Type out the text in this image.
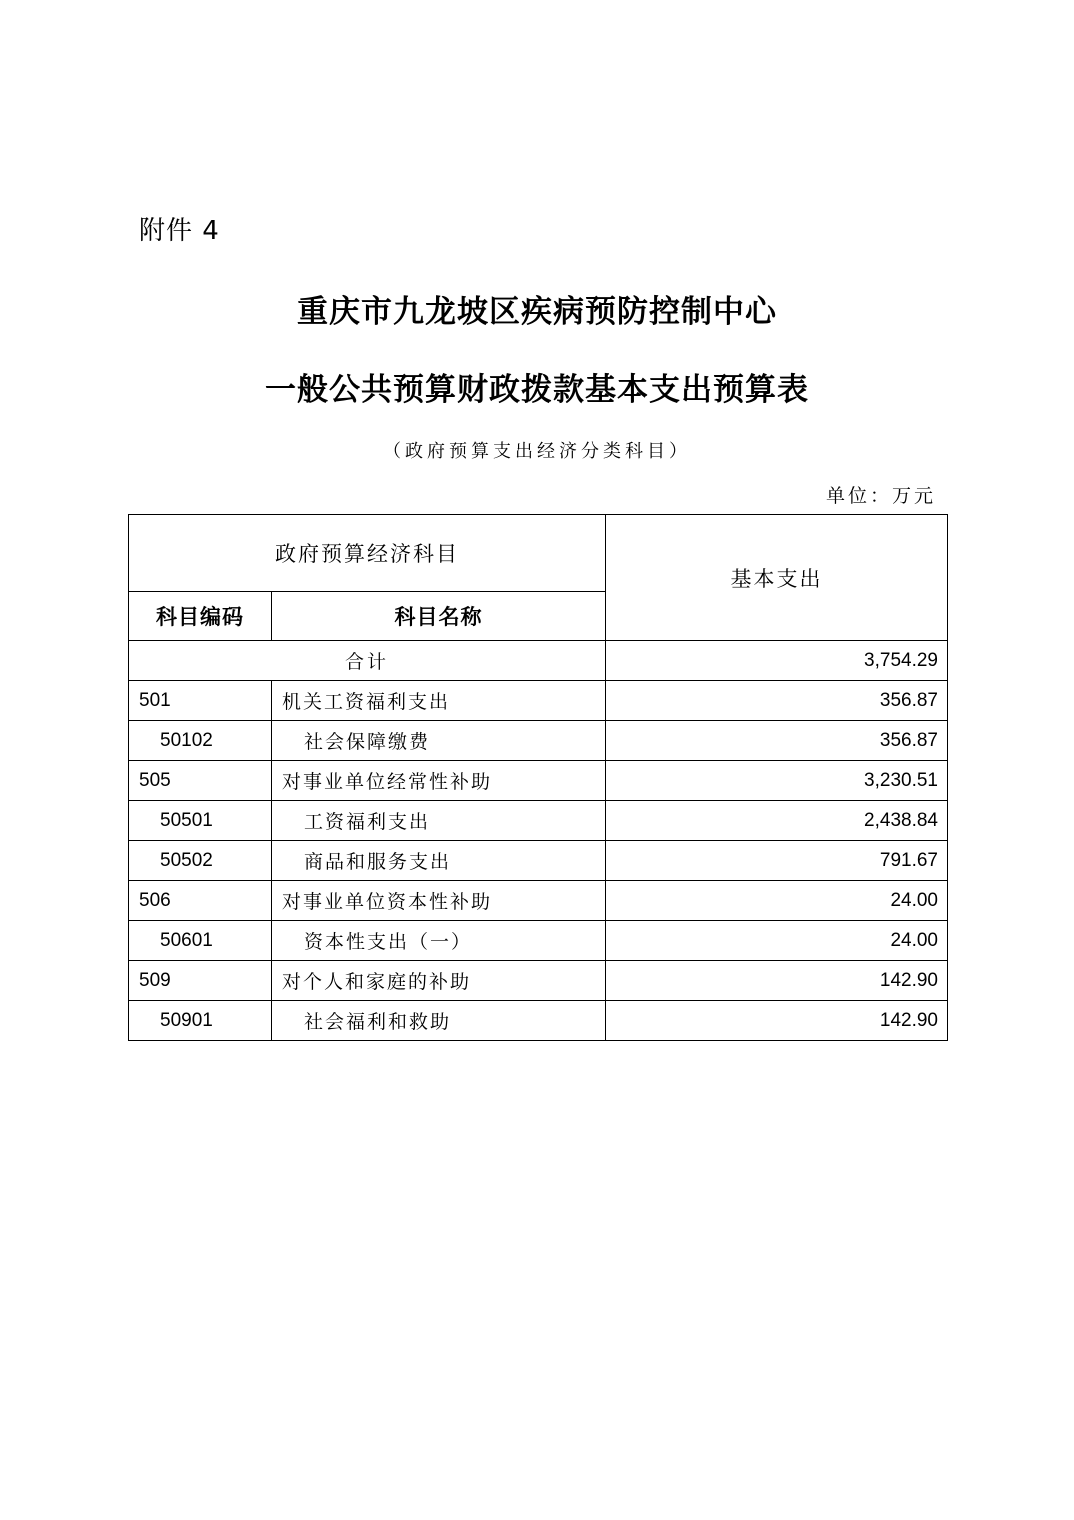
附件 4
重庆市九龙坡区疾病预防控制中心
一般公共预算财政拨款基本支出预算表
（政府预算支出经济分类科目）
单位：万元
政府预算经济科目		基本支出
科目编码	科目名称	
合计		3,754.29
501	机关工资福利支出	356.87
50102	社会保障缴费	356.87
505	对事业单位经常性补助	3,230.51
50501	工资福利支出	2,438.84
50502	商品和服务支出	791.67
506	对事业单位资本性补助	24.00
50601	资本性支出（一）	24.00
509	对个人和家庭的补助	142.90
50901	社会福利和救助	142.90
